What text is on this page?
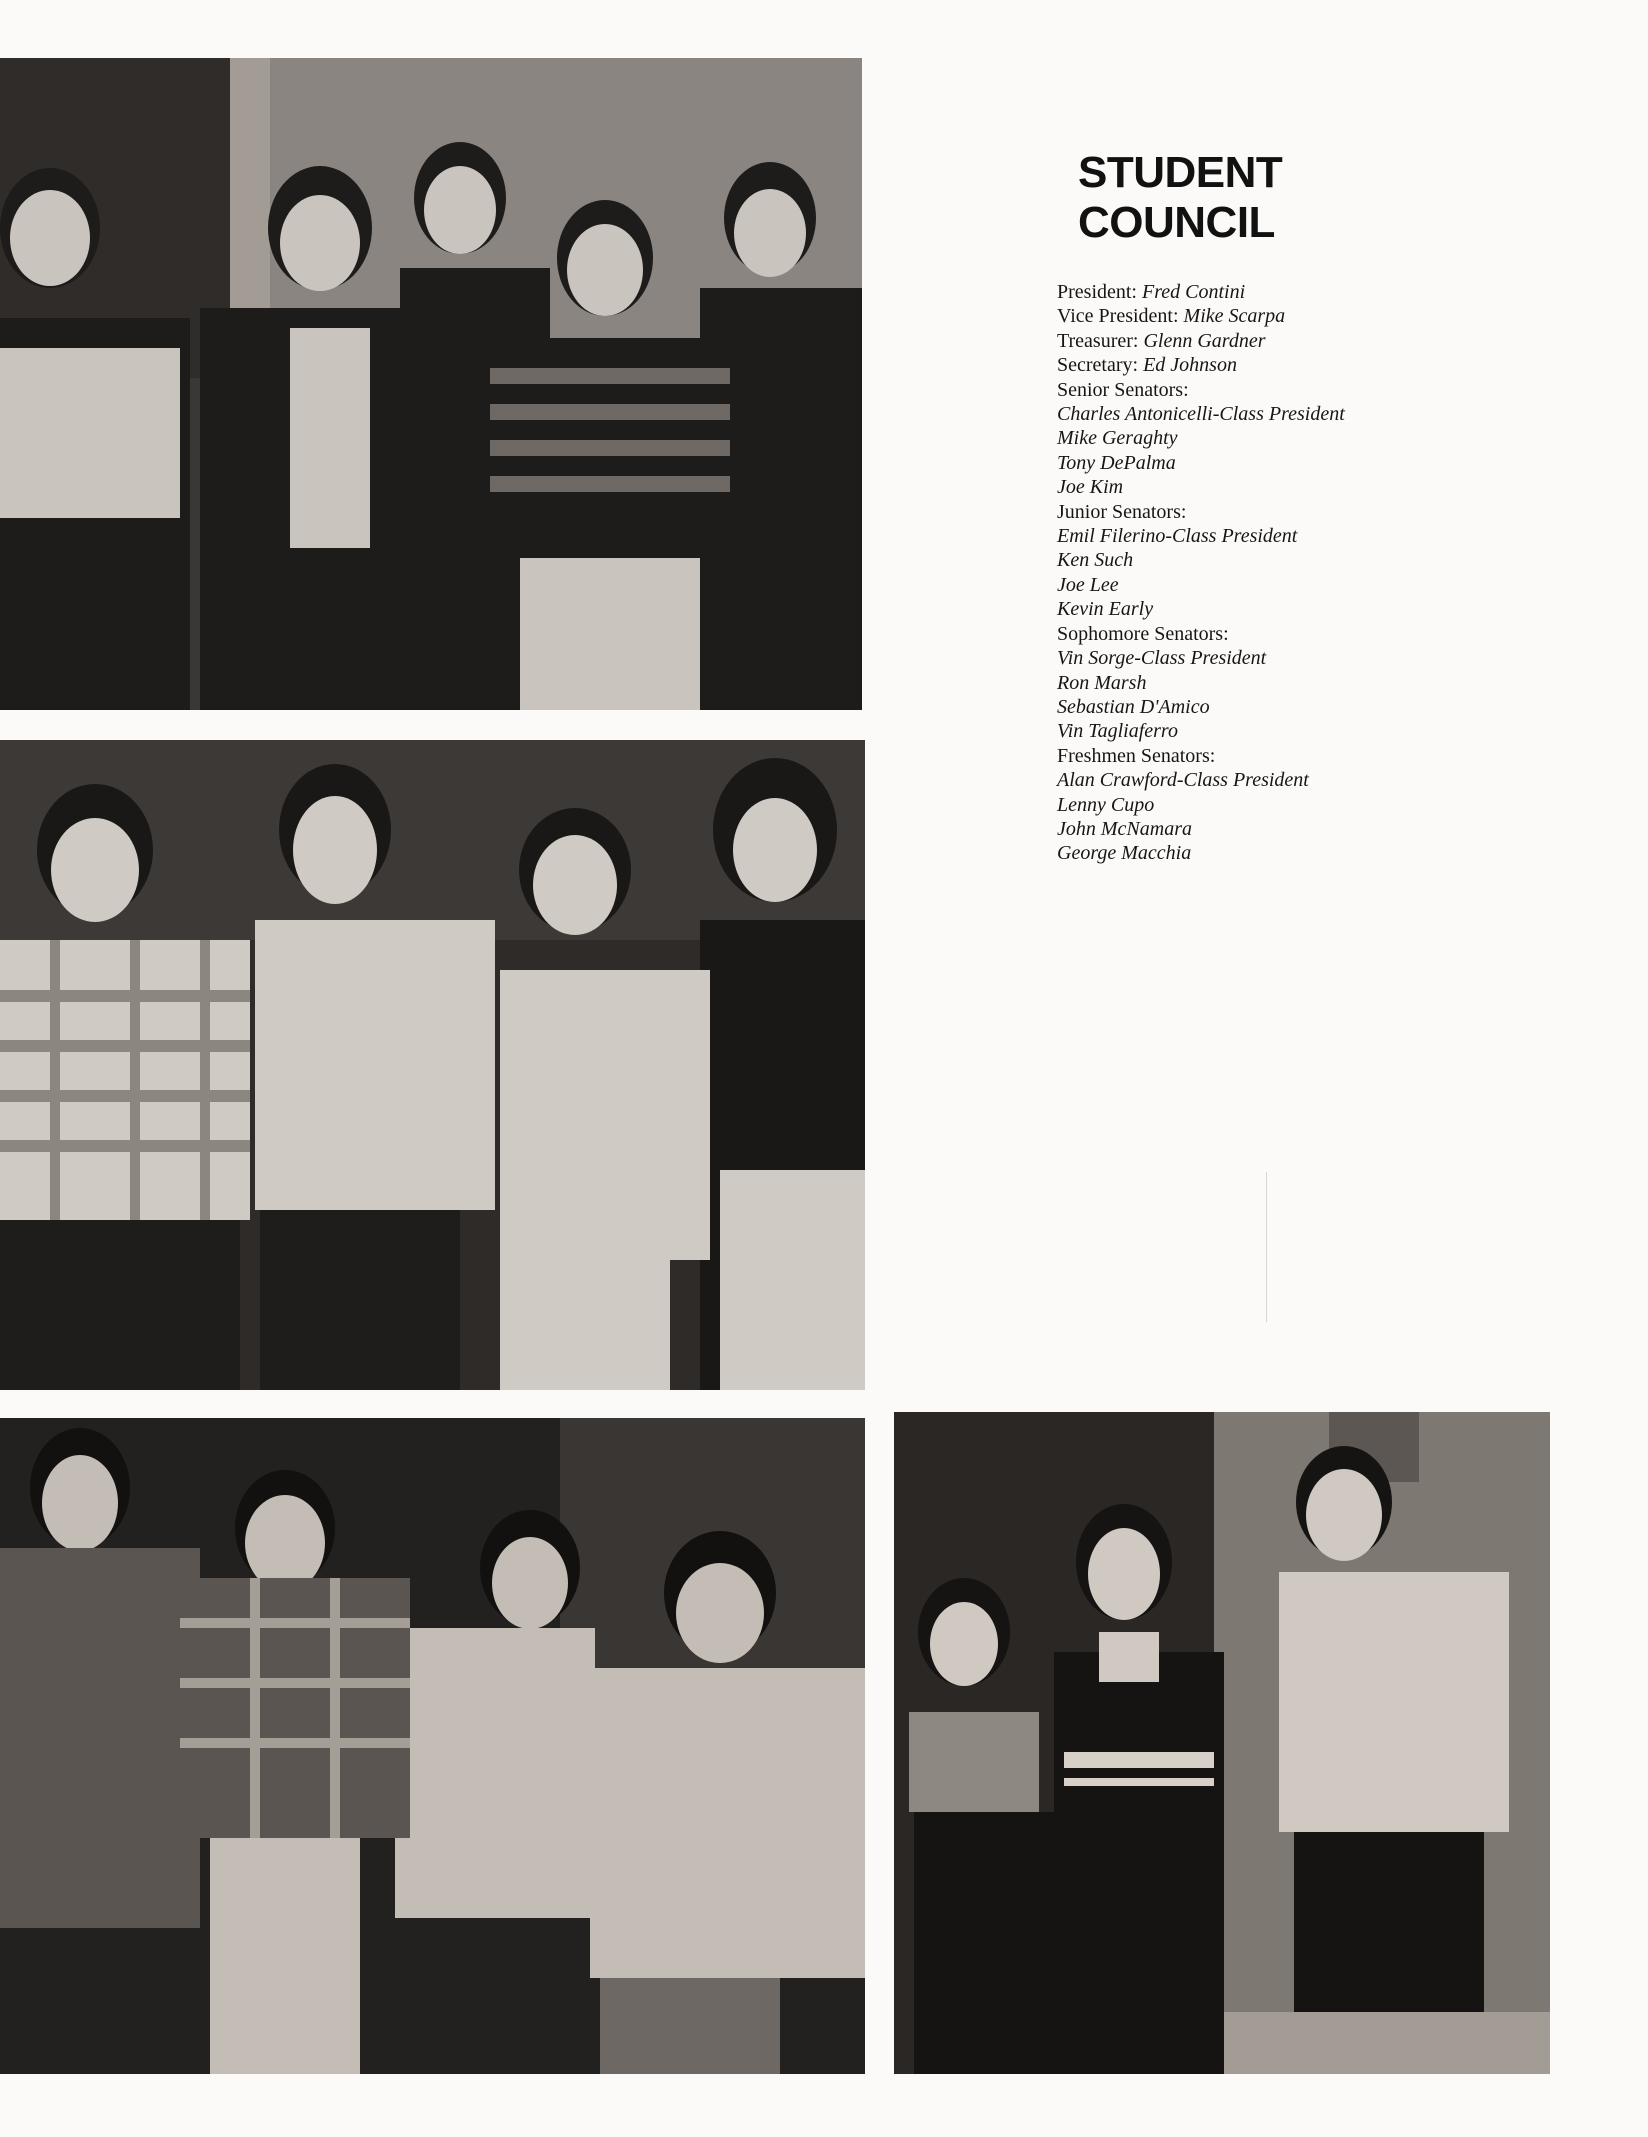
STUDENT
COUNCIL
President: Fred Contini
Vice President: Mike Scarpa
Treasurer: Glenn Gardner
Secretary: Ed Johnson
Senior Senators:
Charles Antonicelli-Class President
Mike Geraghty
Tony DePalma
Joe Kim
Junior Senators:
Emil Filerino-Class President
Ken Such
Joe Lee
Kevin Early
Sophomore Senators:
Vin Sorge-Class President
Ron Marsh
Sebastian D'Amico
Vin Tagliaferro
Freshmen Senators:
Alan Crawford-Class President
Lenny Cupo
John McNamara
George Macchia
